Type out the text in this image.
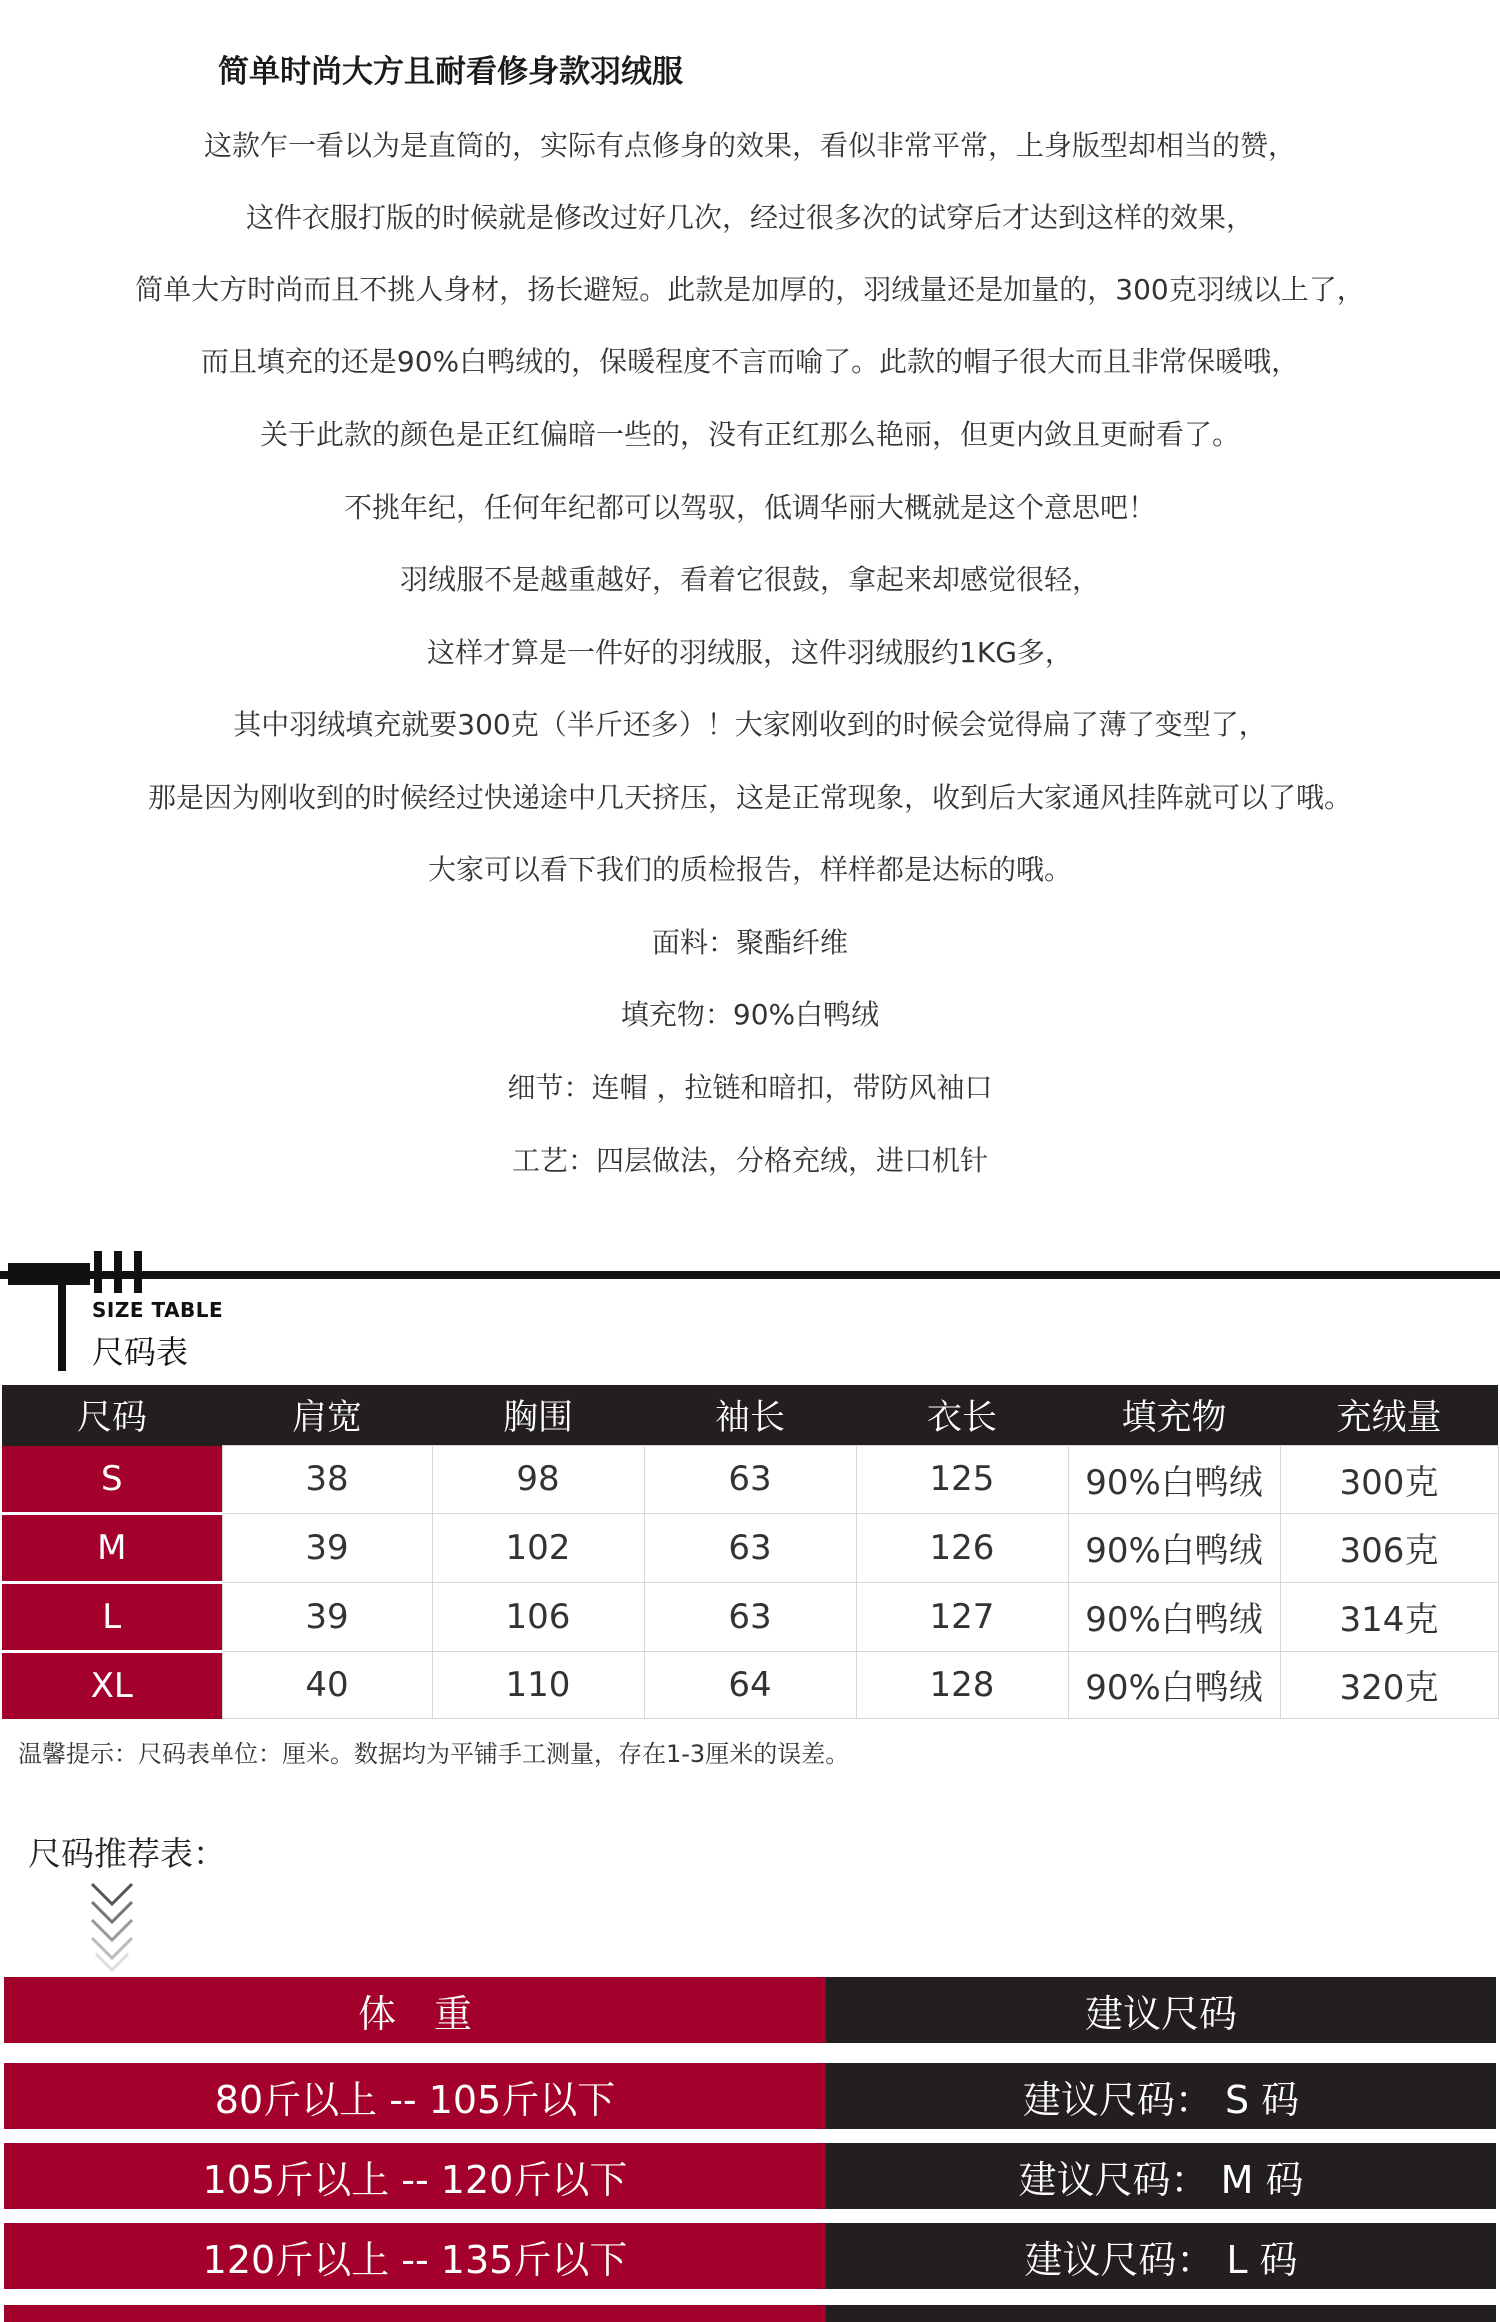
简单时尚大方且耐看修身款羽绒服
这款乍一看以为是直筒的，实际有点修身的效果，看似非常平常，上身版型却相当的赞，
这件衣服打版的时候就是修改过好几次，经过很多次的试穿后才达到这样的效果，
简单大方时尚而且不挑人身材，扬长避短。此款是加厚的，羽绒量还是加量的，300克羽绒以上了，
而且填充的还是90%白鸭绒的，保暖程度不言而喻了。此款的帽子很大而且非常保暖哦，
关于此款的颜色是正红偏暗一些的，没有正红那么艳丽，但更内敛且更耐看了。
不挑年纪，任何年纪都可以驾驭，低调华丽大概就是这个意思吧！
羽绒服不是越重越好，看着它很鼓，拿起来却感觉很轻，
这样才算是一件好的羽绒服，这件羽绒服约1KG多，
其中羽绒填充就要300克（半斤还多）！大家刚收到的时候会觉得扁了薄了变型了，
那是因为刚收到的时候经过快递途中几天挤压，这是正常现象，收到后大家通风挂阵就可以了哦。
大家可以看下我们的质检报告，样样都是达标的哦。
面料：聚酯纤维
填充物：90%白鸭绒
细节：连帽 ，拉链和暗扣，带防风袖口
工艺：四层做法，分格充绒，进口机针
SIZE TABLE
尺码表
尺码	肩宽	胸围	袖长	衣长	填充物	充绒量
S	38	98	63	125	90%白鸭绒	300克
M	39	102	63	126	90%白鸭绒	306克
L	39	106	63	127	90%白鸭绒	314克
XL	40	110	64	128	90%白鸭绒	320克
温馨提示：尺码表单位：厘米。数据均为平铺手工测量，存在1-3厘米的误差。
尺码推荐表：
体　重	建议尺码
80斤以上 -- 105斤以下	建议尺码： S 码
105斤以上 -- 120斤以下	建议尺码： M 码
120斤以上 -- 135斤以下	建议尺码： L 码
